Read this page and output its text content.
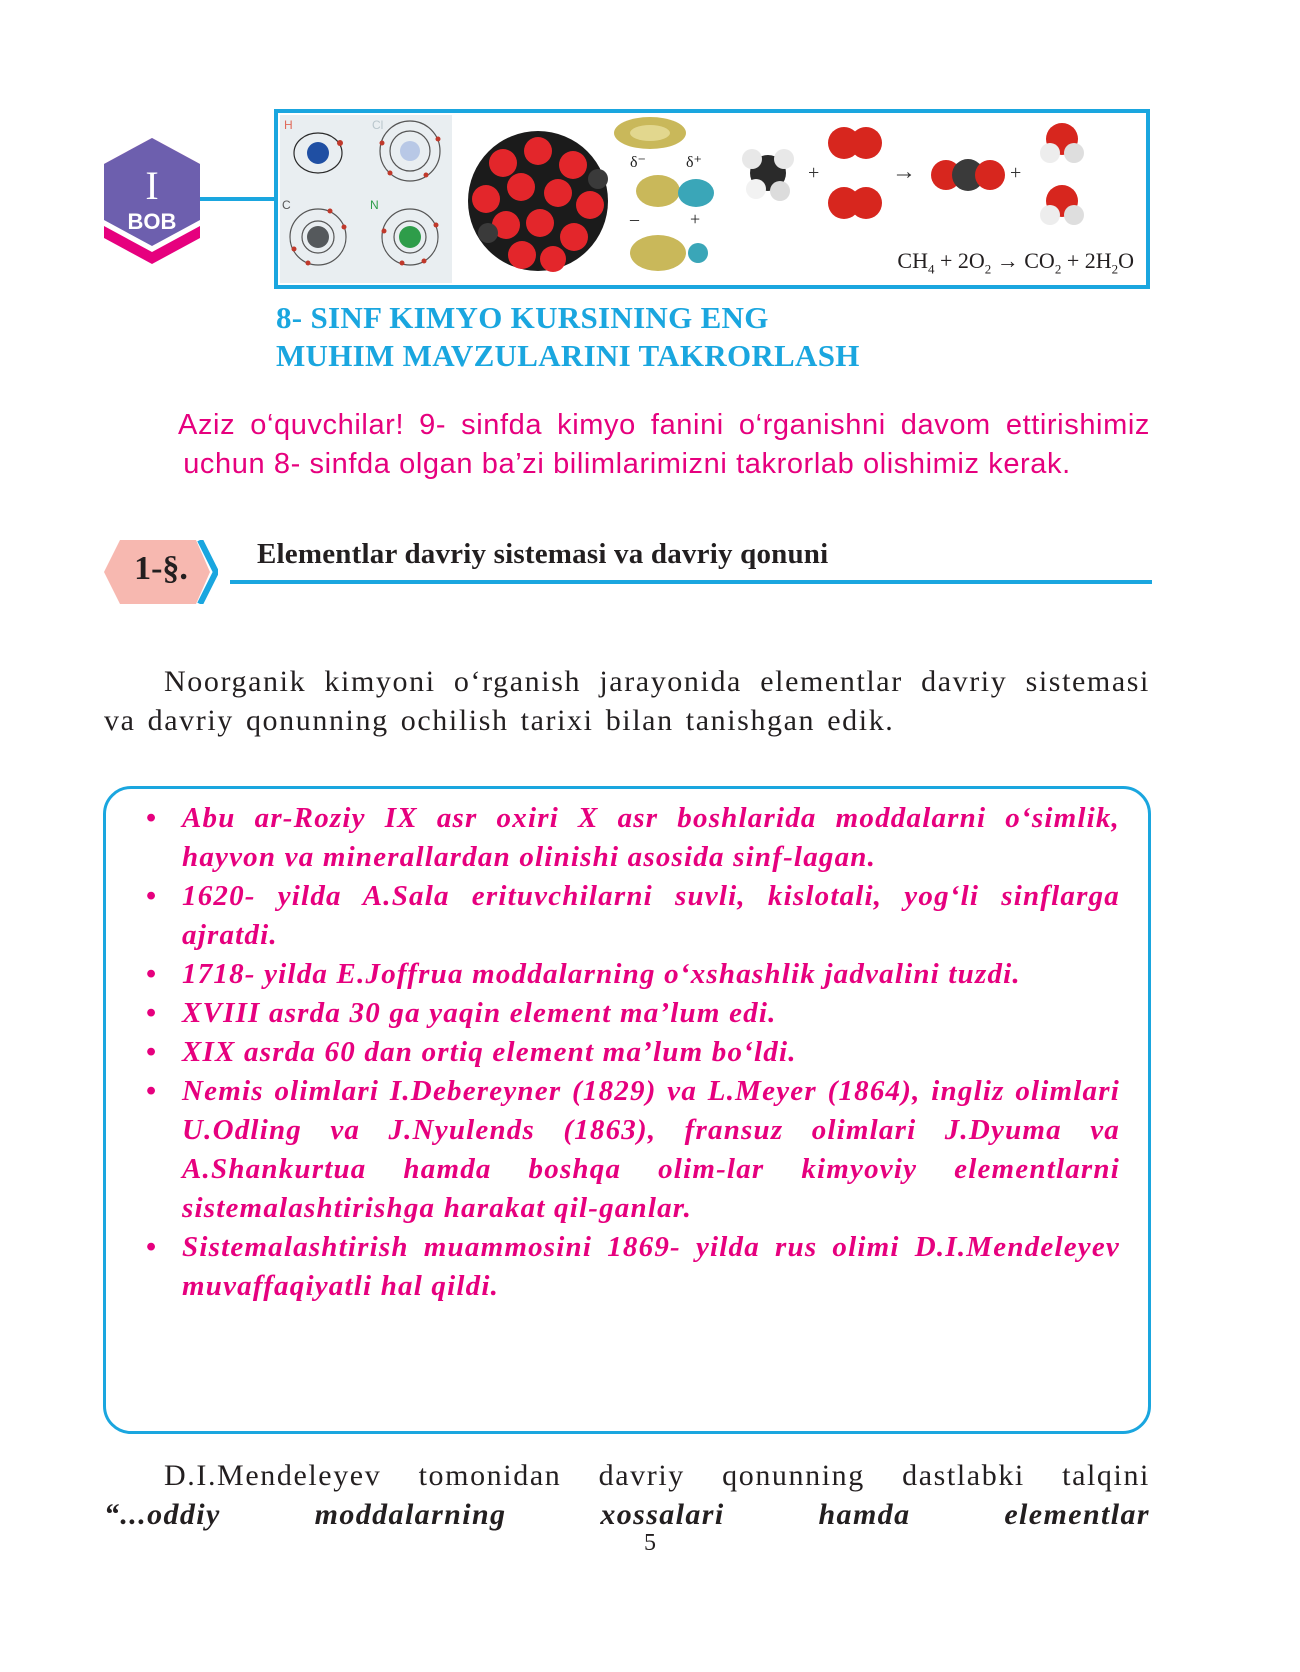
I
BOB
H	Cl
C	N
δ⁻	δ⁺
–	+
+	→	+
$CH_4 + 2O_2 \to CO_2 + 2H_2O$
8- SINF KIMYO KURSINING ENG
MUHIM MAVZULARINI TAKRORLASH

Aziz o‘quvchilar! 9- sinfda kimyo fanini o‘rganishni davom ettirishimiz uchun 8- sinfda olgan ba’zi bilimlarimizni takrorlab olishimiz kerak.

1-§.	Elementlar davriy sistemasi va davriy qonuni

Noorganik kimyoni o‘rganish jarayonida elementlar davriy sistemasi va davriy qonunning ochilish tarixi bilan tanishgan edik.

• Abu ar-Roziy IX asr oxiri X asr boshlarida moddalarni o‘simlik, hayvon va minerallardan olinishi asosida sinf-lagan.
• 1620- yilda A.Sala erituvchilarni suvli, kislotali, yog‘li sinflarga ajratdi.
• 1718- yilda E.Joffrua moddalarning o‘xshashlik jadvalini tuzdi.
• XVIII asrda 30 ga yaqin element ma’lum edi.
• XIX asrda 60 dan ortiq element ma’lum bo‘ldi.
• Nemis olimlari I.Debereyner (1829) va L.Meyer (1864), ingliz olimlari U.Odling va J.Nyulends (1863), fransuz olimlari J.Dyuma va A.Shankurtua hamda boshqa olim-lar kimyoviy elementlarni sistemalashtirishga harakat qil-ganlar.
• Sistemalashtirish muammosini 1869- yilda rus olimi D.I.Mendeleyev muvaffaqiyatli hal qildi.

D.I.Mendeleyev tomonidan davriy qonunning dastlabki talqini “...oddiy moddalarning xossalari hamda elementlar

5
